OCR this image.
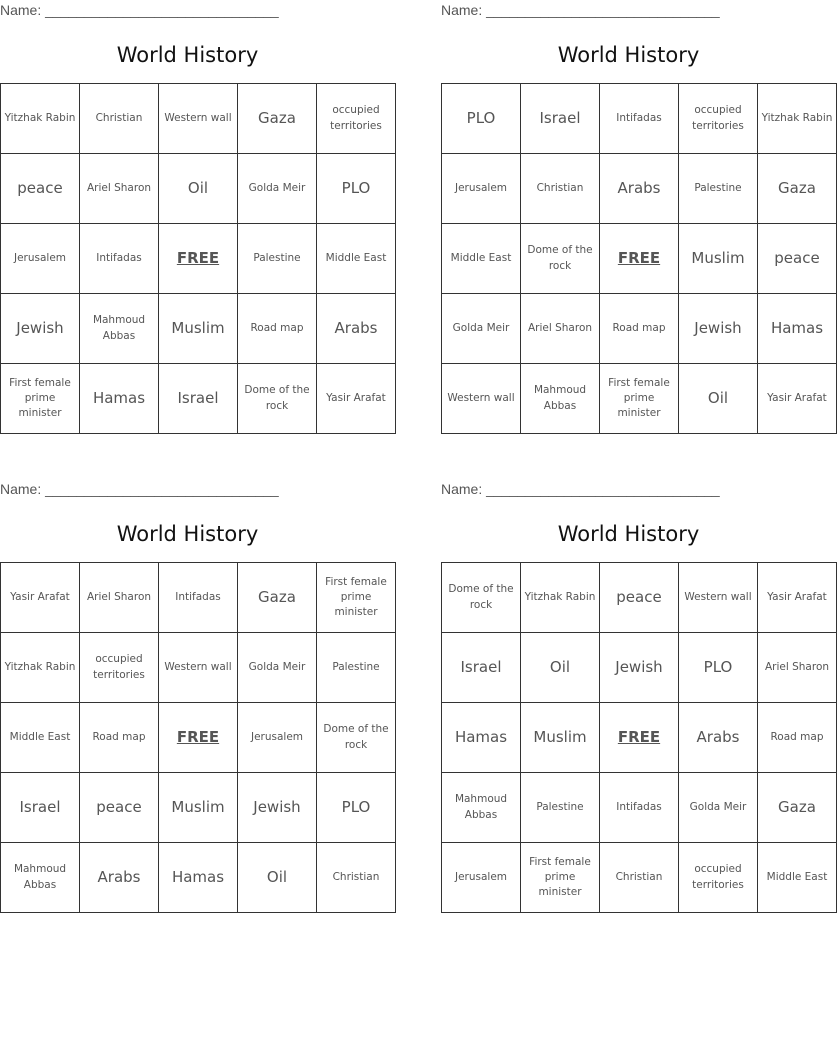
Name: ______________________________
World History
Yitzhak Rabin	Christian	Western wall	Gaza	occupied territories
peace	Ariel Sharon	Oil	Golda Meir	PLO
Jerusalem	Intifadas	FREE	Palestine	Middle East
Jewish	Mahmoud Abbas	Muslim	Road map	Arabs
First female prime minister	Hamas	Israel	Dome of the rock	Yasir Arafat
Name: ______________________________
World History
PLO	Israel	Intifadas	occupied territories	Yitzhak Rabin
Jerusalem	Christian	Arabs	Palestine	Gaza
Middle East	Dome of the rock	FREE	Muslim	peace
Golda Meir	Ariel Sharon	Road map	Jewish	Hamas
Western wall	Mahmoud Abbas	First female prime minister	Oil	Yasir Arafat
Name: ______________________________
World History
Yasir Arafat	Ariel Sharon	Intifadas	Gaza	First female prime minister
Yitzhak Rabin	occupied territories	Western wall	Golda Meir	Palestine
Middle East	Road map	FREE	Jerusalem	Dome of the rock
Israel	peace	Muslim	Jewish	PLO
Mahmoud Abbas	Arabs	Hamas	Oil	Christian
Name: ______________________________
World History
Dome of the rock	Yitzhak Rabin	peace	Western wall	Yasir Arafat
Israel	Oil	Jewish	PLO	Ariel Sharon
Hamas	Muslim	FREE	Arabs	Road map
Mahmoud Abbas	Palestine	Intifadas	Golda Meir	Gaza
Jerusalem	First female prime minister	Christian	occupied territories	Middle East
